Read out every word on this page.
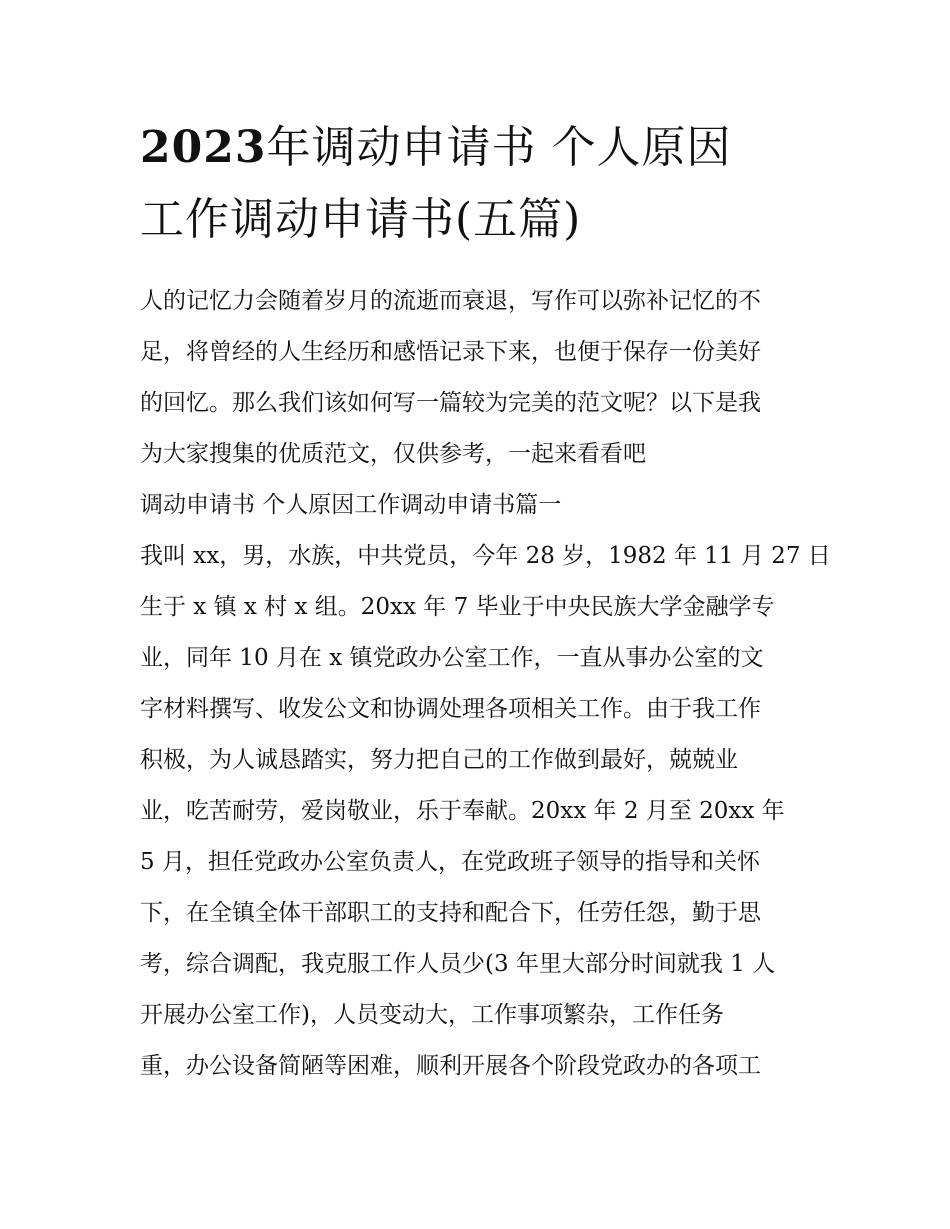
2023年调动申请书 个人原因
工作调动申请书(五篇)
人的记忆力会随着岁月的流逝而衰退，写作可以弥补记忆的不
足，将曾经的人生经历和感悟记录下来，也便于保存一份美好
的回忆。那么我们该如何写一篇较为完美的范文呢？以下是我
为大家搜集的优质范文，仅供参考，一起来看看吧
调动申请书 个人原因工作调动申请书篇一
我叫 xx，男，水族，中共党员，今年 28 岁，1982 年 11 月 27 日
生于 x 镇 x 村 x 组。20xx 年 7 毕业于中央民族大学金融学专
业，同年 10 月在 x 镇党政办公室工作，一直从事办公室的文
字材料撰写、收发公文和协调处理各项相关工作。由于我工作
积极，为人诚恳踏实，努力把自己的工作做到最好，兢兢业
业，吃苦耐劳，爱岗敬业，乐于奉献。20xx 年 2 月至 20xx 年
5 月，担任党政办公室负责人，在党政班子领导的指导和关怀
下，在全镇全体干部职工的支持和配合下，任劳任怨，勤于思
考，综合调配，我克服工作人员少(3 年里大部分时间就我 1 人
开展办公室工作)，人员变动大，工作事项繁杂，工作任务
重，办公设备简陋等困难，顺利开展各个阶段党政办的各项工
